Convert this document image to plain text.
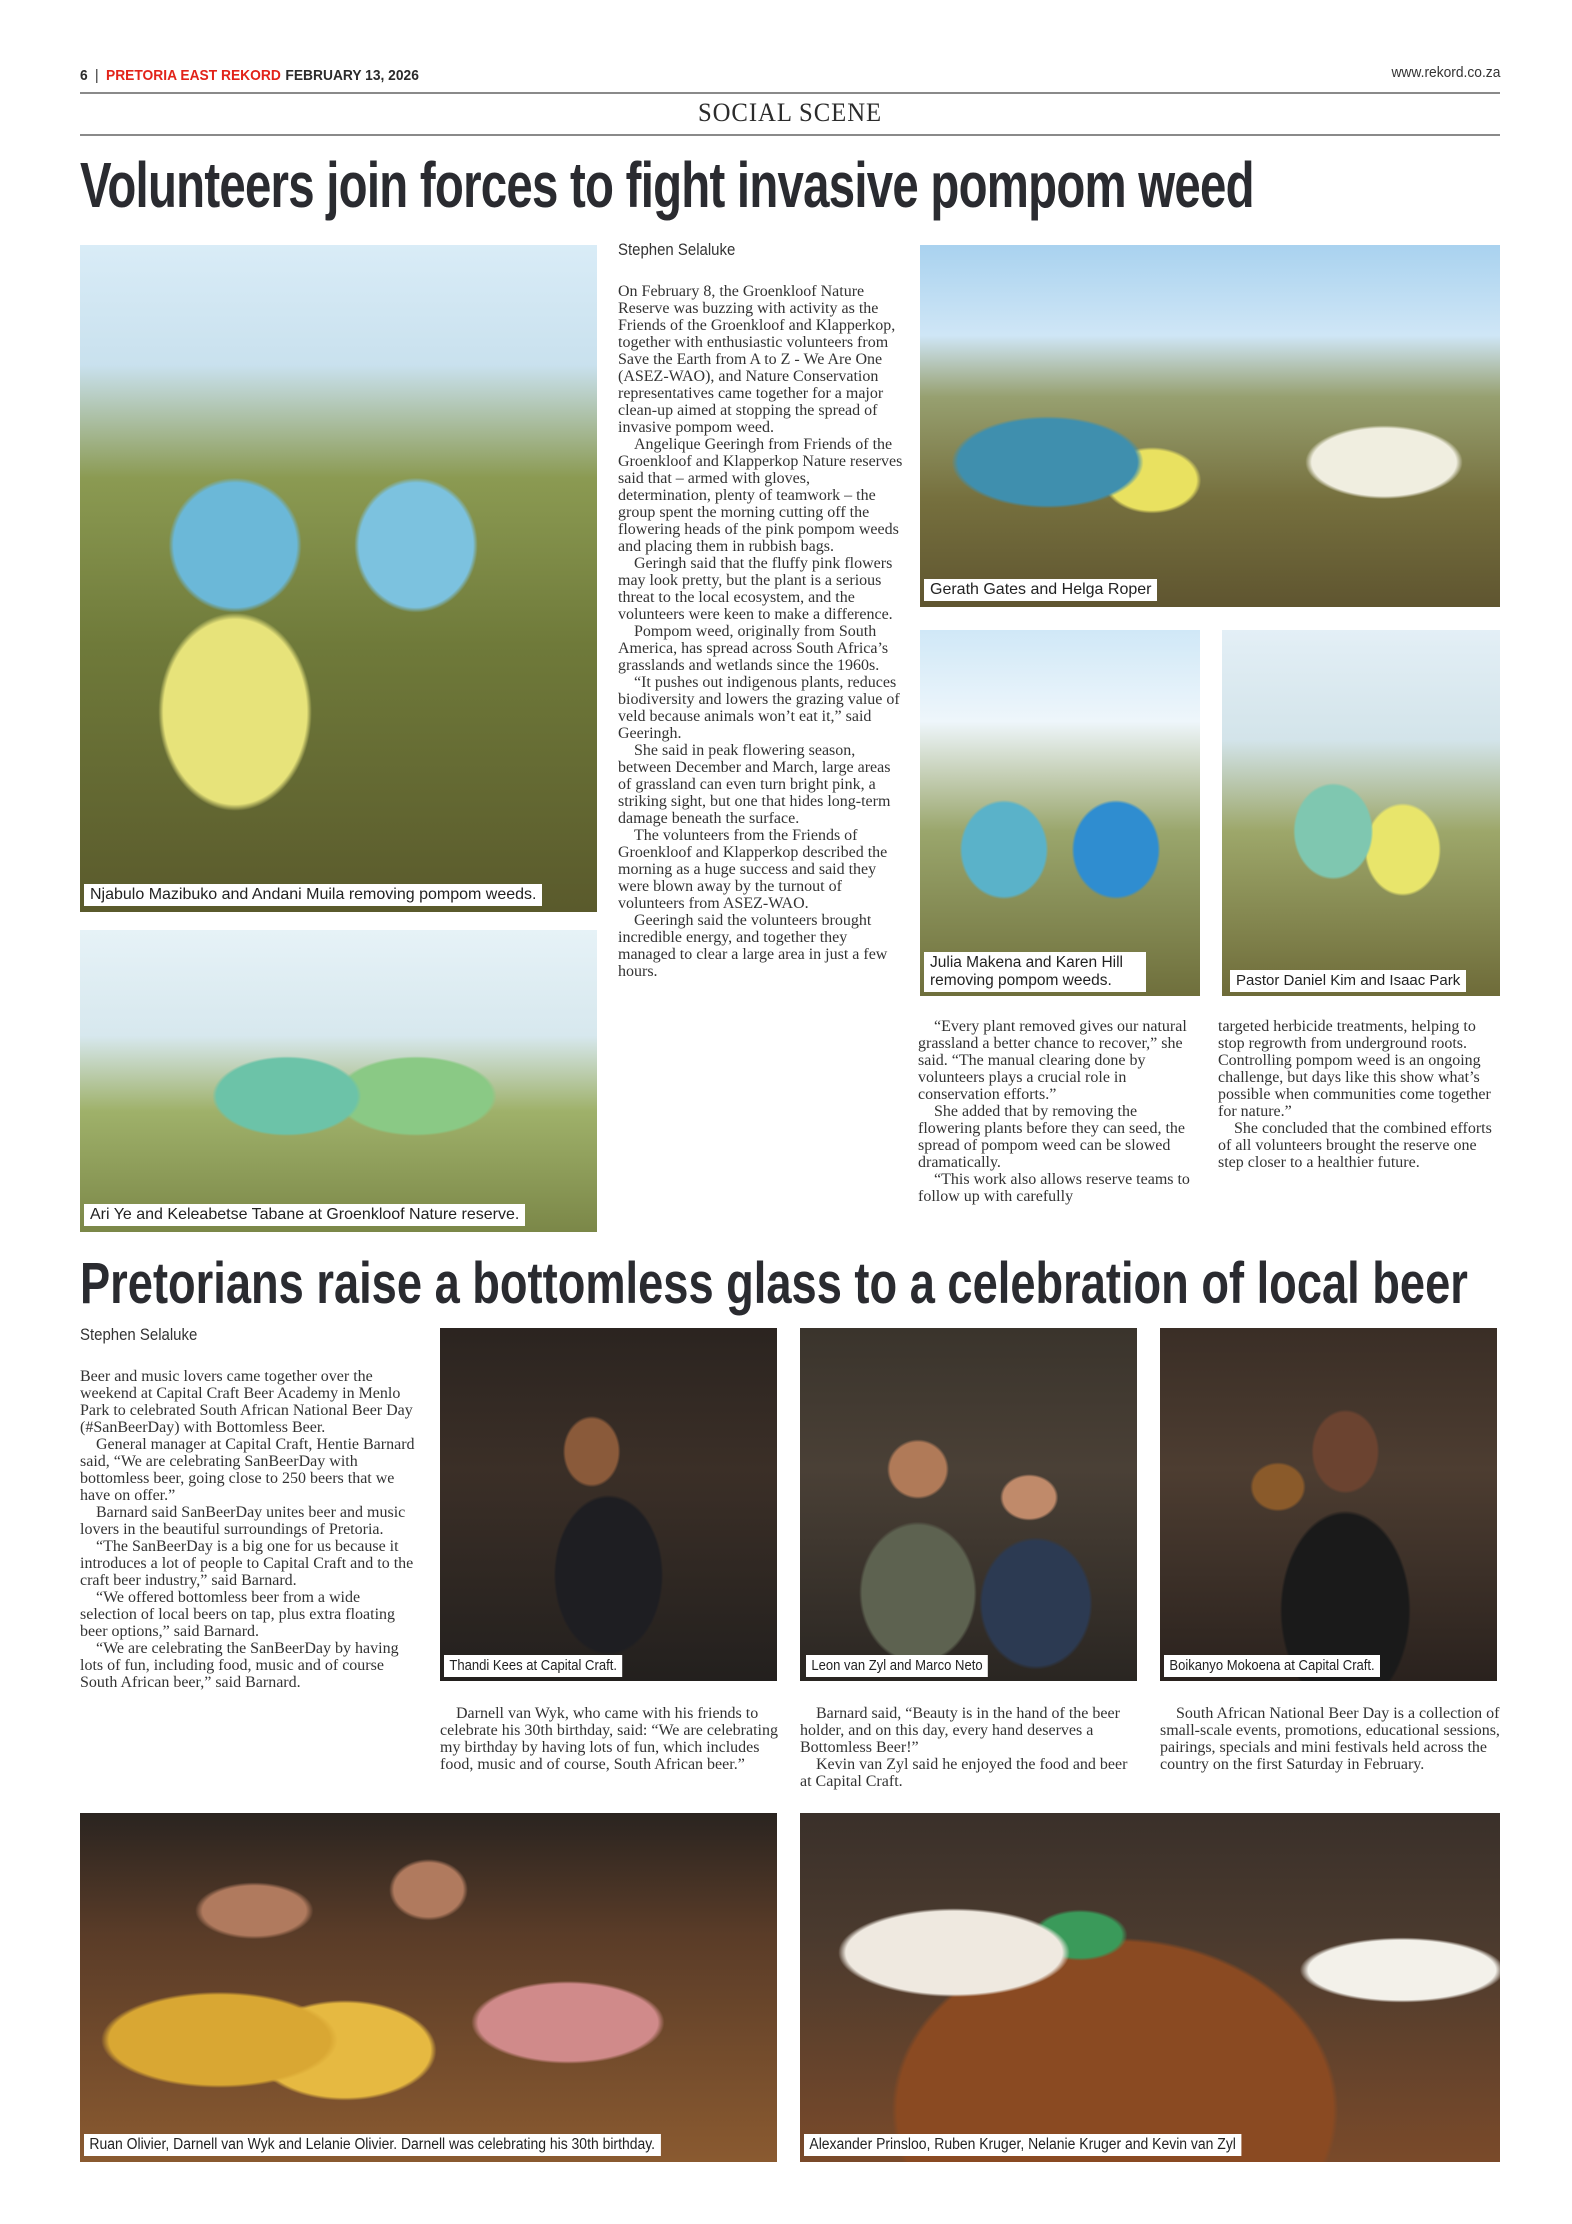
6 | PRETORIA EAST REKORD FEBRUARY 13, 2026	www.rekord.co.za
SOCIAL SCENE
Volunteers join forces to fight invasive pompom weed
Njabulo Mazibuko and Andani Muila removing pompom weeds.
Ari Ye and Keleabetse Tabane at Groenkloof Nature reserve.
Stephen Selaluke

On February 8, the Groenkloof Nature Reserve was buzzing with activity as the Friends of the Groenkloof and Klapperkop, together with enthusiastic volunteers from Save the Earth from A to Z - We Are One (ASEZ-WAO), and Nature Conservation representatives came together for a major clean-up aimed at stopping the spread of invasive pompom weed.

Angelique Geeringh from Friends of the Groenkloof and Klapperkop Nature reserves said that – armed with gloves, determination, plenty of teamwork – the group spent the morning cutting off the flowering heads of the pink pompom weeds and placing them in rubbish bags.

Geringh said that the fluffy pink flowers may look pretty, but the plant is a serious threat to the local ecosystem, and the volunteers were keen to make a difference.

Pompom weed, originally from South America, has spread across South Africa’s grasslands and wetlands since the 1960s.

“It pushes out indigenous plants, reduces biodiversity and lowers the grazing value of veld because animals won’t eat it,” said Geeringh.

She said in peak flowering season, between December and March, large areas of grassland can even turn bright pink, a striking sight, but one that hides long-term damage beneath the surface.

The volunteers from the Friends of Groenkloof and Klapperkop described the morning as a huge success and said they were blown away by the turnout of volunteers from ASEZ-WAO.

Geeringh said the volunteers brought incredible energy, and together they managed to clear a large area in just a few hours.

Gerath Gates and Helga Roper
Julia Makena and Karen Hill
removing pompom weeds.	Pastor Daniel Kim and Isaac Park

“Every plant removed gives our natural grassland a better chance to recover,” she said. “The manual clearing done by volunteers plays a crucial role in conservation efforts.”

She added that by removing the flowering plants before they can seed, the spread of pompom weed can be slowed dramatically.

“This work also allows reserve teams to follow up with carefully

targeted herbicide treatments, helping to stop regrowth from underground roots. Controlling pompom weed is an ongoing challenge, but days like this show what’s possible when communities come together for nature.”

She concluded that the combined efforts of all volunteers brought the reserve one step closer to a healthier future.

Pretorians raise a bottomless glass to a celebration of local beer
Stephen Selaluke

Beer and music lovers came together over the weekend at Capital Craft Beer Academy in Menlo Park to celebrated South African National Beer Day (#SanBeerDay) with Bottomless Beer.

General manager at Capital Craft, Hentie Barnard said, “We are celebrating SanBeerDay with bottomless beer, going close to 250 beers that we have on offer.”

Barnard said SanBeerDay unites beer and music lovers in the beautiful surroundings of Pretoria.

“The SanBeerDay is a big one for us because it introduces a lot of people to Capital Craft and to the craft beer industry,” said Barnard.

“We offered bottomless beer from a wide selection of local beers on tap, plus extra floating beer options,” said Barnard.

“We are celebrating the SanBeerDay by having lots of fun, including food, music and of course South African beer,” said Barnard.

Thandi Kees at Capital Craft.	Leon van Zyl and Marco Neto	Boikanyo Mokoena at Capital Craft.

Darnell van Wyk, who came with his friends to celebrate his 30th birthday, said: “We are celebrating my birthday by having lots of fun, which includes food, music and of course, South African beer.”

Barnard said, “Beauty is in the hand of the beer holder, and on this day, every hand deserves a Bottomless Beer!”

Kevin van Zyl said he enjoyed the food and beer at Capital Craft.

South African National Beer Day is a collection of small-scale events, promotions, educational sessions, pairings, specials and mini festivals held across the country on the first Saturday in February.

Ruan Olivier, Darnell van Wyk and Lelanie Olivier. Darnell was celebrating his 30th birthday.	Alexander Prinsloo, Ruben Kruger, Nelanie Kruger and Kevin van Zyl
